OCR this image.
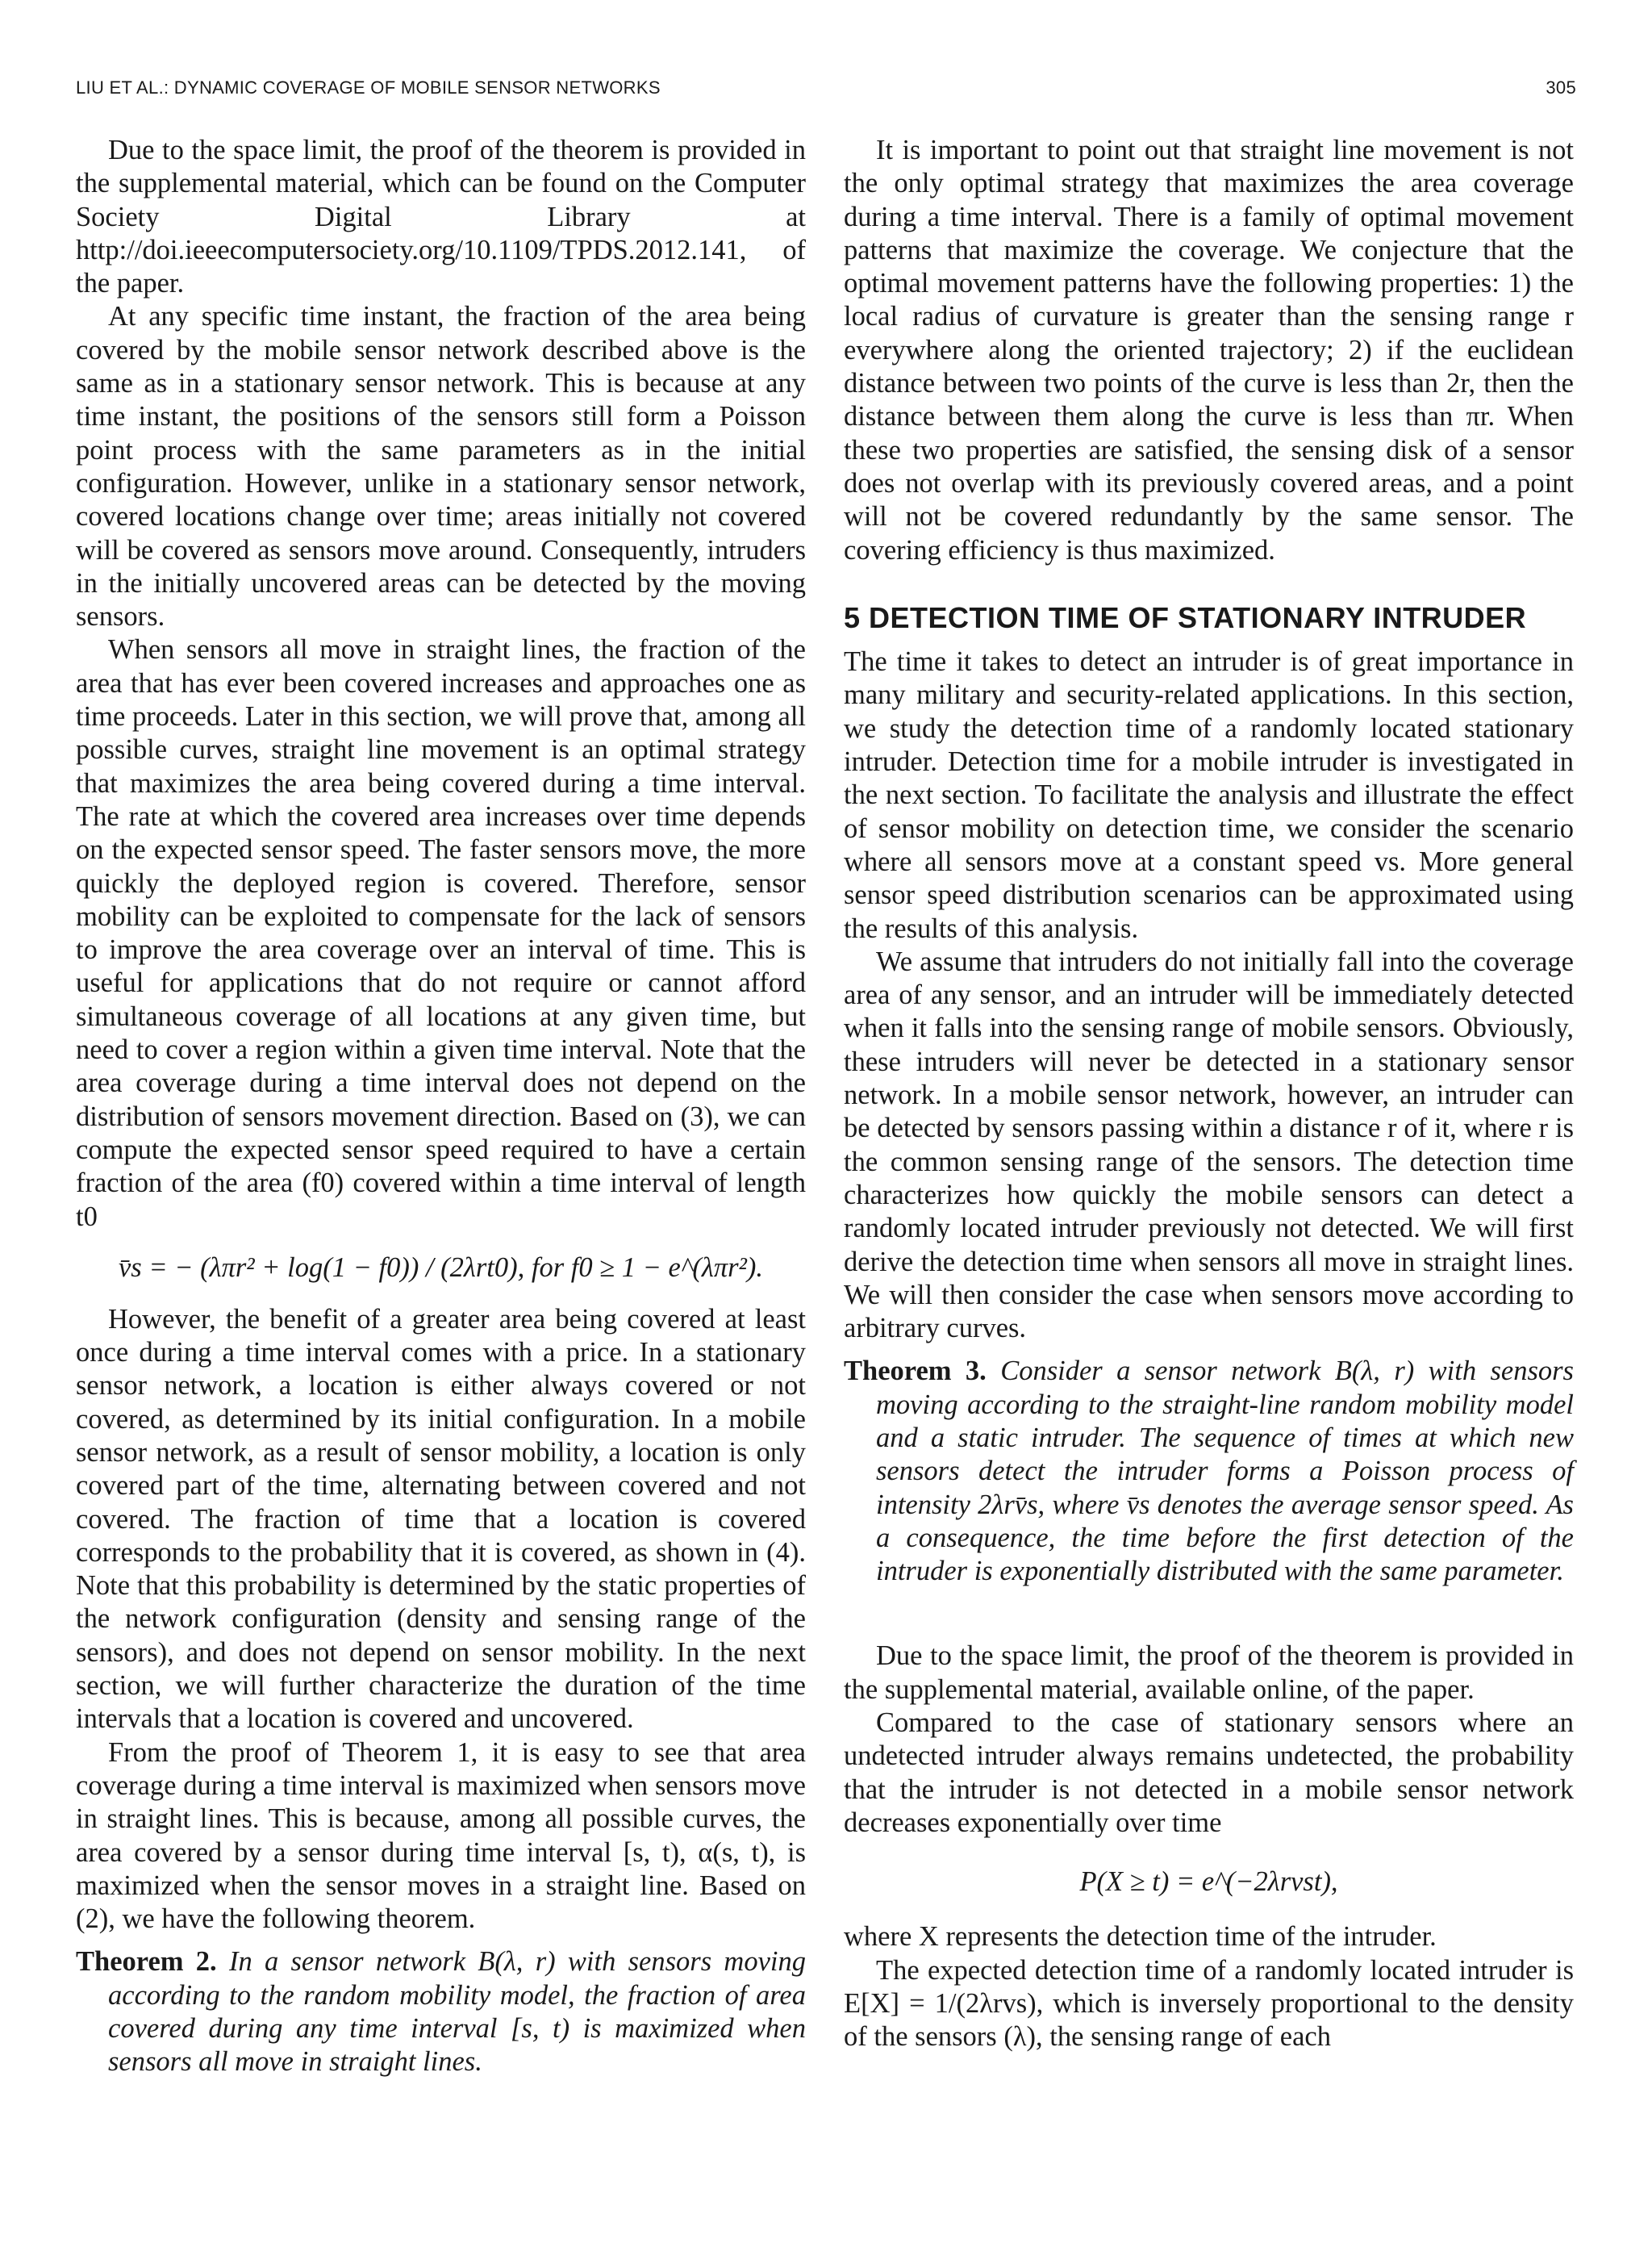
LIU ET AL.: DYNAMIC COVERAGE OF MOBILE SENSOR NETWORKS	305

Due to the space limit, the proof of the theorem is provided in the supplemental material, which can be found on the Computer Society Digital Library at http://doi.ieeecomputersociety.org/10.1109/TPDS.2012.141, of the paper.

At any specific time instant, the fraction of the area being covered by the mobile sensor network described above is the same as in a stationary sensor network. This is because at any time instant, the positions of the sensors still form a Poisson point process with the same parameters as in the initial configuration. However, unlike in a stationary sensor network, covered locations change over time; areas initially not covered will be covered as sensors move around. Consequently, intruders in the initially uncovered areas can be detected by the moving sensors.

When sensors all move in straight lines, the fraction of the area that has ever been covered increases and approaches one as time proceeds. Later in this section, we will prove that, among all possible curves, straight line movement is an optimal strategy that maximizes the area being covered during a time interval. The rate at which the covered area increases over time depends on the expected sensor speed. The faster sensors move, the more quickly the deployed region is covered. Therefore, sensor mobility can be exploited to compensate for the lack of sensors to improve the area coverage over an interval of time. This is useful for applications that do not require or cannot afford simultaneous coverage of all locations at any given time, but need to cover a region within a given time interval. Note that the area coverage during a time interval does not depend on the distribution of sensors movement direction. Based on (3), we can compute the expected sensor speed required to have a certain fraction of the area (f0) covered within a time interval of length t0

v̄s = − (λπr² + log(1 − f0)) / (2λrt0), for f0 ≥ 1 − e^(λπr²).

However, the benefit of a greater area being covered at least once during a time interval comes with a price. In a stationary sensor network, a location is either always covered or not covered, as determined by its initial configuration. In a mobile sensor network, as a result of sensor mobility, a location is only covered part of the time, alternating between covered and not covered. The fraction of time that a location is covered corresponds to the probability that it is covered, as shown in (4). Note that this probability is determined by the static properties of the network configuration (density and sensing range of the sensors), and does not depend on sensor mobility. In the next section, we will further characterize the duration of the time intervals that a location is covered and uncovered.

From the proof of Theorem 1, it is easy to see that area coverage during a time interval is maximized when sensors move in straight lines. This is because, among all possible curves, the area covered by a sensor during time interval [s, t), α(s, t), is maximized when the sensor moves in a straight line. Based on (2), we have the following theorem.

Theorem 2. In a sensor network B(λ, r) with sensors moving according to the random mobility model, the fraction of area covered during any time interval [s, t) is maximized when sensors all move in straight lines.

It is important to point out that straight line movement is not the only optimal strategy that maximizes the area coverage during a time interval. There is a family of optimal movement patterns that maximize the coverage. We conjecture that the optimal movement patterns have the following properties: 1) the local radius of curvature is greater than the sensing range r everywhere along the oriented trajectory; 2) if the euclidean distance between two points of the curve is less than 2r, then the distance between them along the curve is less than πr. When these two properties are satisfied, the sensing disk of a sensor does not overlap with its previously covered areas, and a point will not be covered redundantly by the same sensor. The covering efficiency is thus maximized.

5 DETECTION TIME OF STATIONARY INTRUDER

The time it takes to detect an intruder is of great importance in many military and security-related applications. In this section, we study the detection time of a randomly located stationary intruder. Detection time for a mobile intruder is investigated in the next section. To facilitate the analysis and illustrate the effect of sensor mobility on detection time, we consider the scenario where all sensors move at a constant speed vs. More general sensor speed distribution scenarios can be approximated using the results of this analysis.

We assume that intruders do not initially fall into the coverage area of any sensor, and an intruder will be immediately detected when it falls into the sensing range of mobile sensors. Obviously, these intruders will never be detected in a stationary sensor network. In a mobile sensor network, however, an intruder can be detected by sensors passing within a distance r of it, where r is the common sensing range of the sensors. The detection time characterizes how quickly the mobile sensors can detect a randomly located intruder previously not detected. We will first derive the detection time when sensors all move in straight lines. We will then consider the case when sensors move according to arbitrary curves.

Theorem 3. Consider a sensor network B(λ, r) with sensors moving according to the straight-line random mobility model and a static intruder. The sequence of times at which new sensors detect the intruder forms a Poisson process of intensity 2λrv̄s, where v̄s denotes the average sensor speed. As a consequence, the time before the first detection of the intruder is exponentially distributed with the same parameter.

Due to the space limit, the proof of the theorem is provided in the supplemental material, available online, of the paper.

Compared to the case of stationary sensors where an undetected intruder always remains undetected, the probability that the intruder is not detected in a mobile sensor network decreases exponentially over time

P(X ≥ t) = e^(−2λrvst),

where X represents the detection time of the intruder.

The expected detection time of a randomly located intruder is E[X] = 1/(2λrvs), which is inversely proportional to the density of the sensors (λ), the sensing range of each
